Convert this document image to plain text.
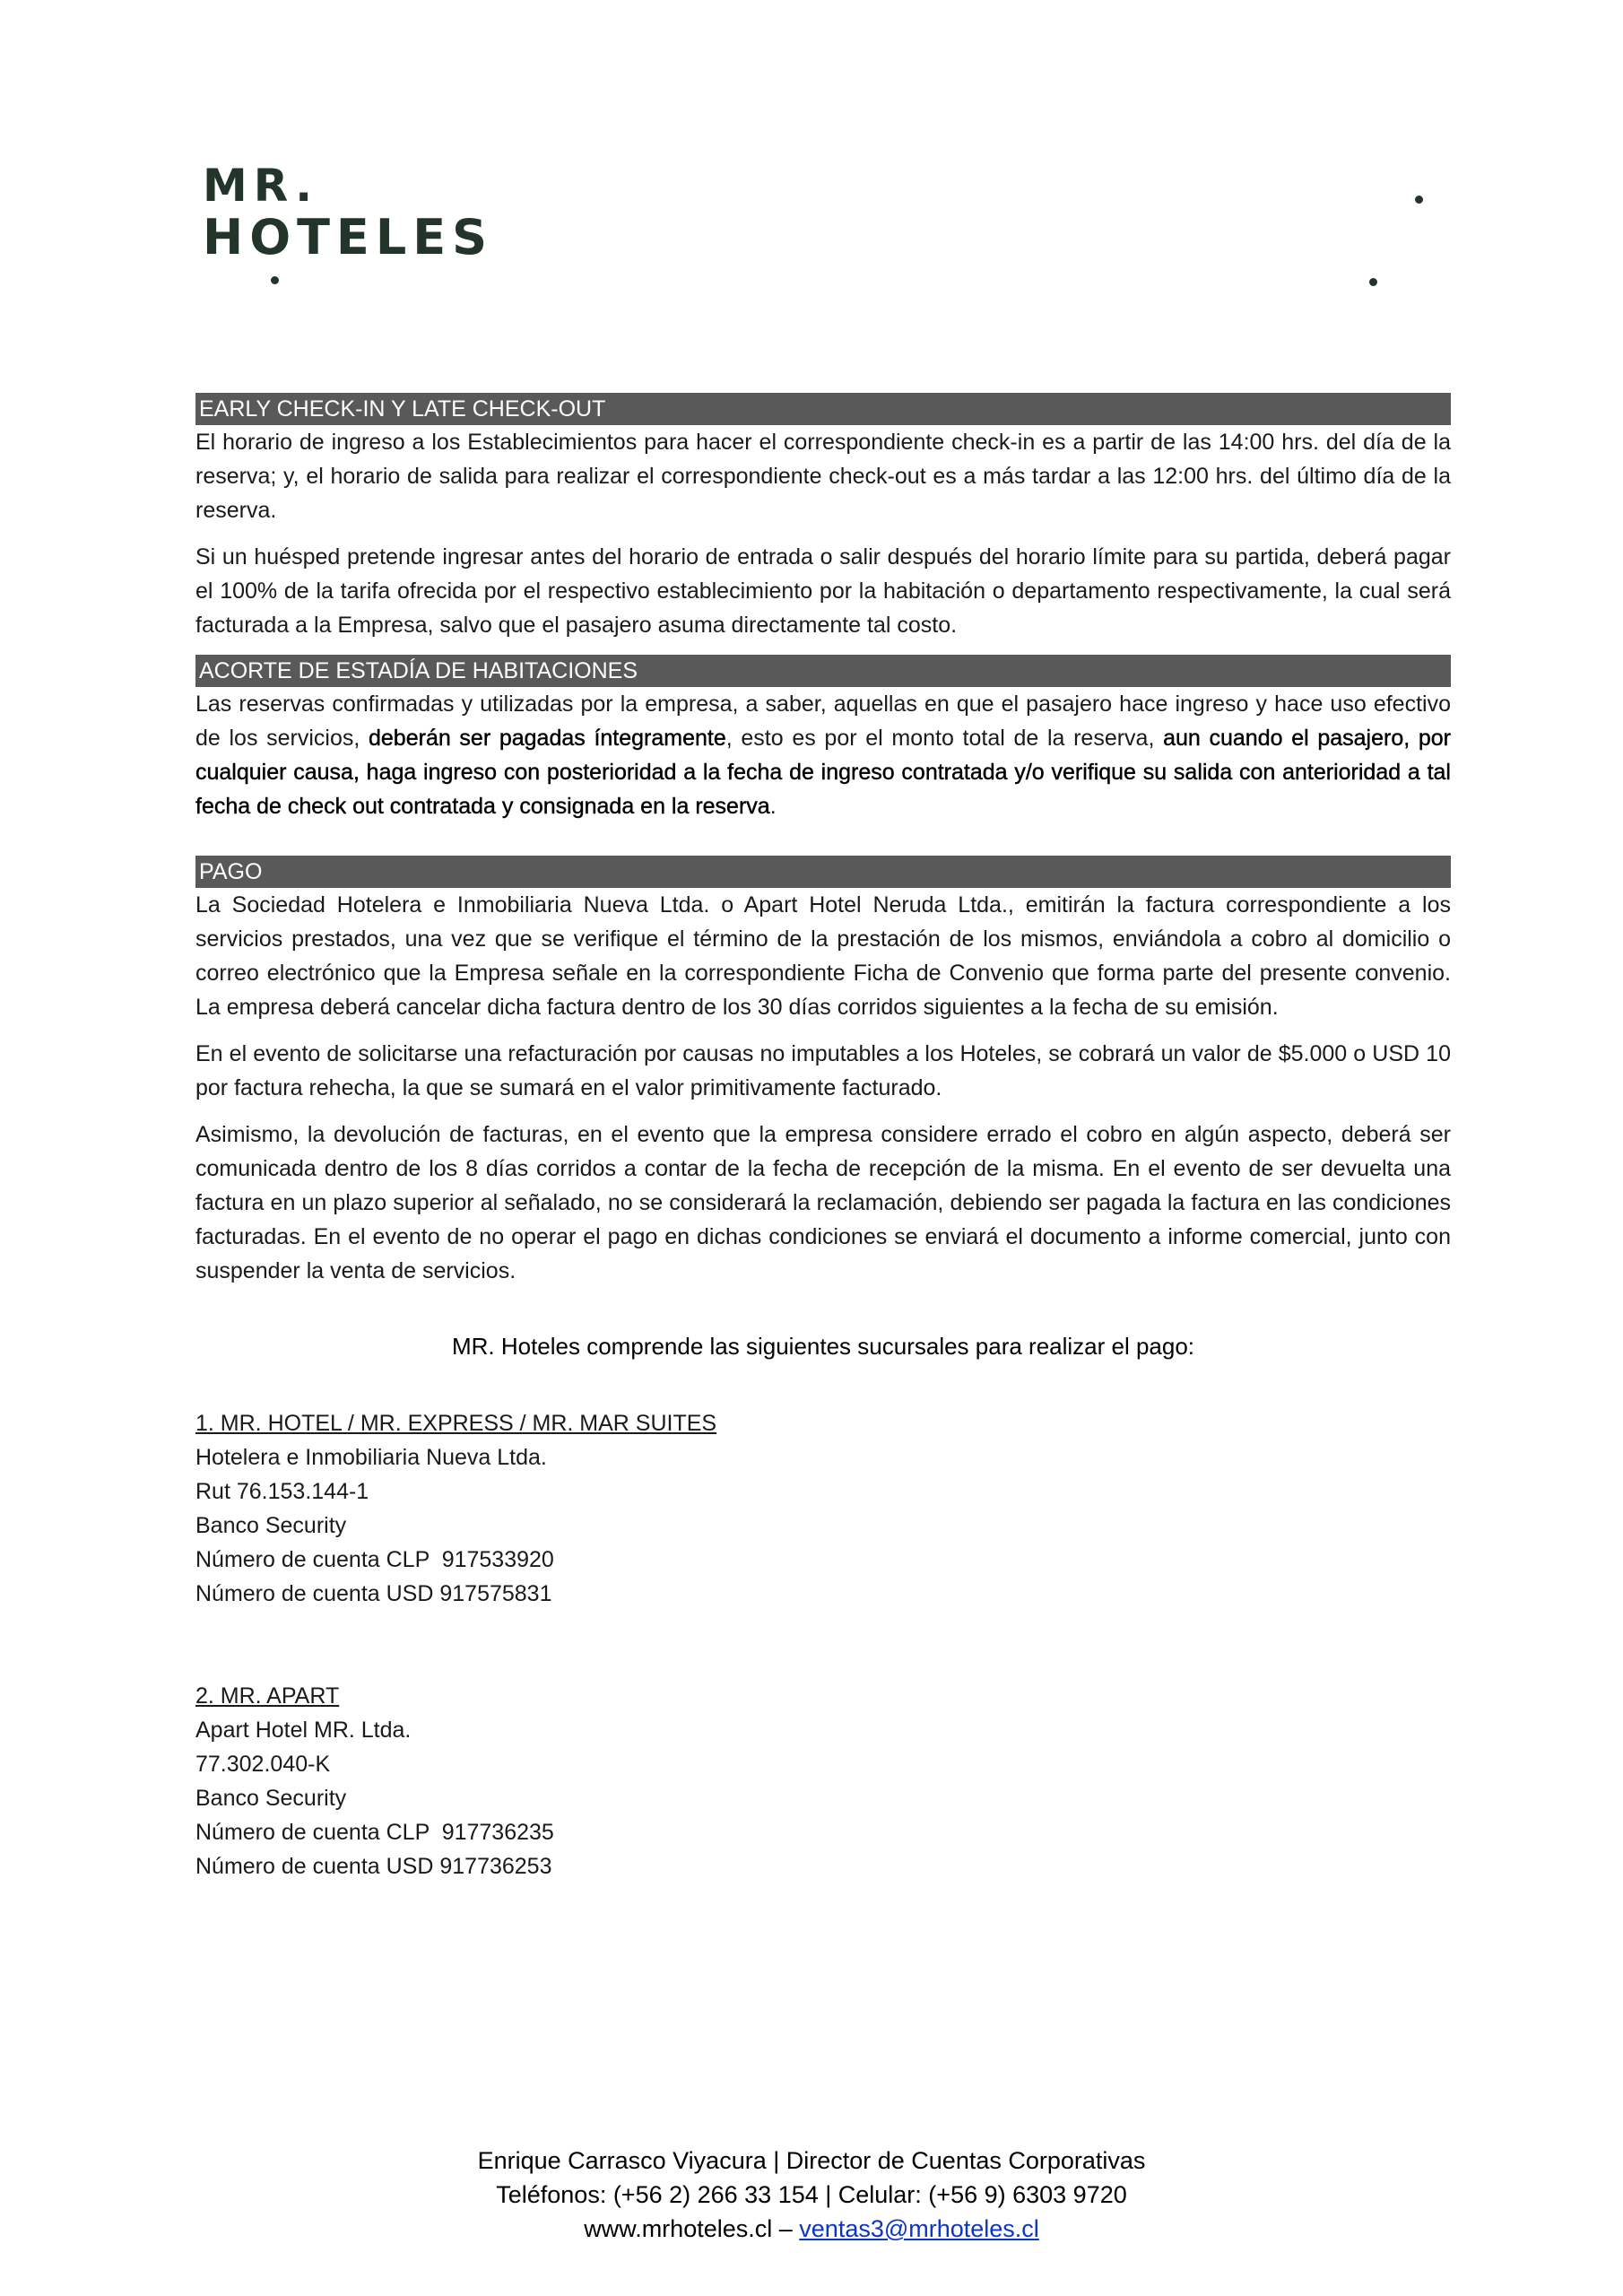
MR.
HOTELES
EARLY CHECK-IN Y LATE CHECK-OUT

El horario de ingreso a los Establecimientos para hacer el correspondiente check-in es a partir de las 14:00 hrs. del día de la reserva; y, el horario de salida para realizar el correspondiente check-out es a más tardar a las 12:00 hrs. del último día de la reserva.

Si un huésped pretende ingresar antes del horario de entrada o salir después del horario límite para su partida, deberá pagar el 100% de la tarifa ofrecida por el respectivo establecimiento por la habitación o departamento respectivamente, la cual será facturada a la Empresa, salvo que el pasajero asuma directamente tal costo.

ACORTE DE ESTADÍA DE HABITACIONES

Las reservas confirmadas y utilizadas por la empresa, a saber, aquellas en que el pasajero hace ingreso y hace uso efectivo de los servicios, deberán ser pagadas íntegramente, esto es por el monto total de la reserva, aun cuando el pasajero, por cualquier causa, haga ingreso con posterioridad a la fecha de ingreso contratada y/o verifique su salida con anterioridad a tal fecha de check out contratada y consignada en la reserva.

PAGO

La Sociedad Hotelera e Inmobiliaria Nueva Ltda. o Apart Hotel Neruda Ltda., emitirán la factura correspondiente a los servicios prestados, una vez que se verifique el término de la prestación de los mismos, enviándola a cobro al domicilio o correo electrónico que la Empresa señale en la correspondiente Ficha de Convenio que forma parte del presente convenio. La empresa deberá cancelar dicha factura dentro de los 30 días corridos siguientes a la fecha de su emisión.

En el evento de solicitarse una refacturación por causas no imputables a los Hoteles, se cobrará un valor de $5.000 o USD 10 por factura rehecha, la que se sumará en el valor primitivamente facturado.

Asimismo, la devolución de facturas, en el evento que la empresa considere errado el cobro en algún aspecto, deberá ser comunicada dentro de los 8 días corridos a contar de la fecha de recepción de la misma. En el evento de ser devuelta una factura en un plazo superior al señalado, no se considerará la reclamación, debiendo ser pagada la factura en las condiciones facturadas. En el evento de no operar el pago en dichas condiciones se enviará el documento a informe comercial, junto con suspender la venta de servicios.

MR. Hoteles comprende las siguientes sucursales para realizar el pago:
1. MR. HOTEL / MR. EXPRESS / MR. MAR SUITES
Hotelera e Inmobiliaria Nueva Ltda.
Rut 76.153.144-1
Banco Security
Número de cuenta CLP  917533920
Número de cuenta USD 917575831
2. MR. APART
Apart Hotel MR. Ltda.
77.302.040-K
Banco Security
Número de cuenta CLP  917736235
Número de cuenta USD 917736253
Enrique Carrasco Viyacura | Director de Cuentas Corporativas
Teléfonos: (+56 2) 266 33 154 | Celular: (+56 9) 6303 9720
www.mrhoteles.cl – ventas3@mrhoteles.cl
